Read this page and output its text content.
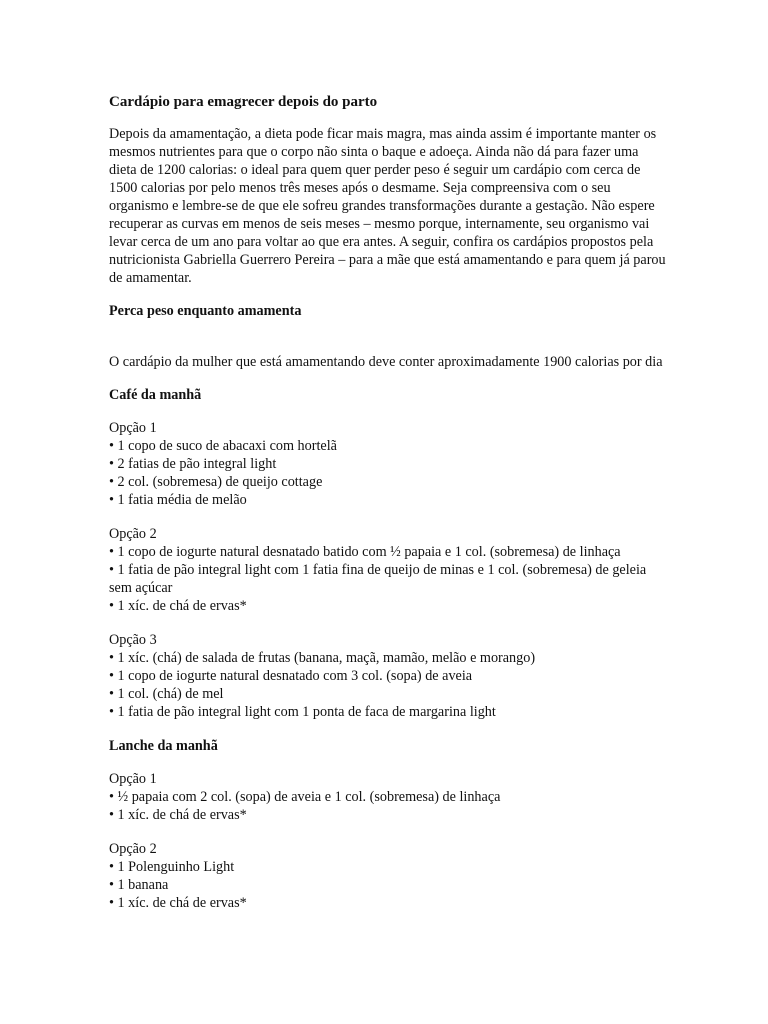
Cardápio para emagrecer depois do parto
Depois da amamentação, a dieta pode ficar mais magra, mas ainda assim é importante manter os mesmos nutrientes para que o corpo não sinta o baque e adoeça. Ainda não dá para fazer uma dieta de 1200 calorias: o ideal para quem quer perder peso é seguir um cardápio com cerca de 1500 calorias por pelo menos três meses após o desmame. Seja compreensiva com o seu organismo e lembre-se de que ele sofreu grandes transformações durante a gestação. Não espere recuperar as curvas em menos de seis meses – mesmo porque, internamente, seu organismo vai levar cerca de um ano para voltar ao que era antes. A seguir, confira os cardápios propostos pela nutricionista Gabriella Guerrero Pereira – para a mãe que está amamentando e para quem já parou de amamentar.
Perca peso enquanto amamenta
O cardápio da mulher que está amamentando deve conter aproximadamente 1900 calorias por dia
Café da manhã
Opção 1
• 1 copo de suco de abacaxi com hortelã
• 2 fatias de pão integral light
• 2 col. (sobremesa) de queijo cottage
• 1 fatia média de melão
Opção 2
• 1 copo de iogurte natural desnatado batido com ½ papaia e 1 col. (sobremesa) de linhaça
• 1 fatia de pão integral light com 1 fatia fina de queijo de minas e 1 col. (sobremesa) de geleia sem açúcar
• 1 xíc. de chá de ervas*
Opção 3
• 1 xíc. (chá) de salada de frutas (banana, maçã, mamão, melão e morango)
• 1 copo de iogurte natural desnatado com 3 col. (sopa) de aveia
• 1 col. (chá) de mel
• 1 fatia de pão integral light com 1 ponta de faca de margarina light
Lanche da manhã
Opção 1
• ½ papaia com 2 col. (sopa) de aveia e 1 col. (sobremesa) de linhaça
• 1 xíc. de chá de ervas*
Opção 2
• 1 Polenguinho Light
• 1 banana
• 1 xíc. de chá de ervas*
